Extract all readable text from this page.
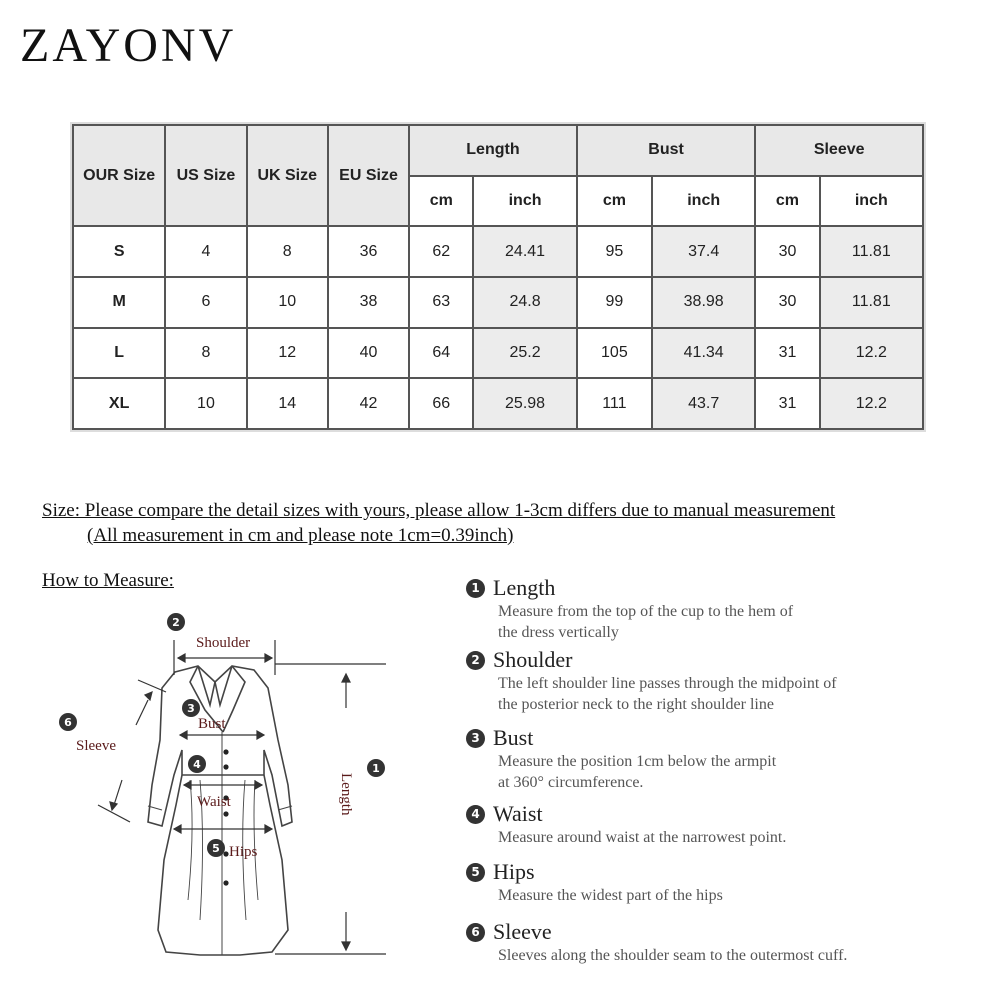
ZAYONV
OUR Size	US Size	UK Size	EU Size	Length		Bust		Sleeve	
				cm	inch	cm	inch	cm	inch
S	4	8	36	62	24.41	95	37.4	30	11.81
M	6	10	38	63	24.8	99	38.98	30	11.81
L	8	12	40	64	25.2	105	41.34	31	12.2
XL	10	14	42	66	25.98	111	43.7	31	12.2
Size: Please compare the detail sizes with yours, please allow 1-3cm differs due to manual measurement
(All measurement in cm and please note 1cm=0.39inch)
How to Measure:
Shoulder
Bust
Waist
Hips
Sleeve
Length
2
3
4
5
6
1
1 Length
Measure from the top of the cup to the hem of
the dress vertically
2 Shoulder
The left shoulder line passes through the midpoint of
the posterior neck to the right shoulder line
3 Bust
Measure the position 1cm below the armpit
at 360° circumference.
4 Waist
Measure around waist at the narrowest point.
5 Hips
Measure the widest part of the hips
6 Sleeve
Sleeves along the shoulder seam to the outermost cuff.
